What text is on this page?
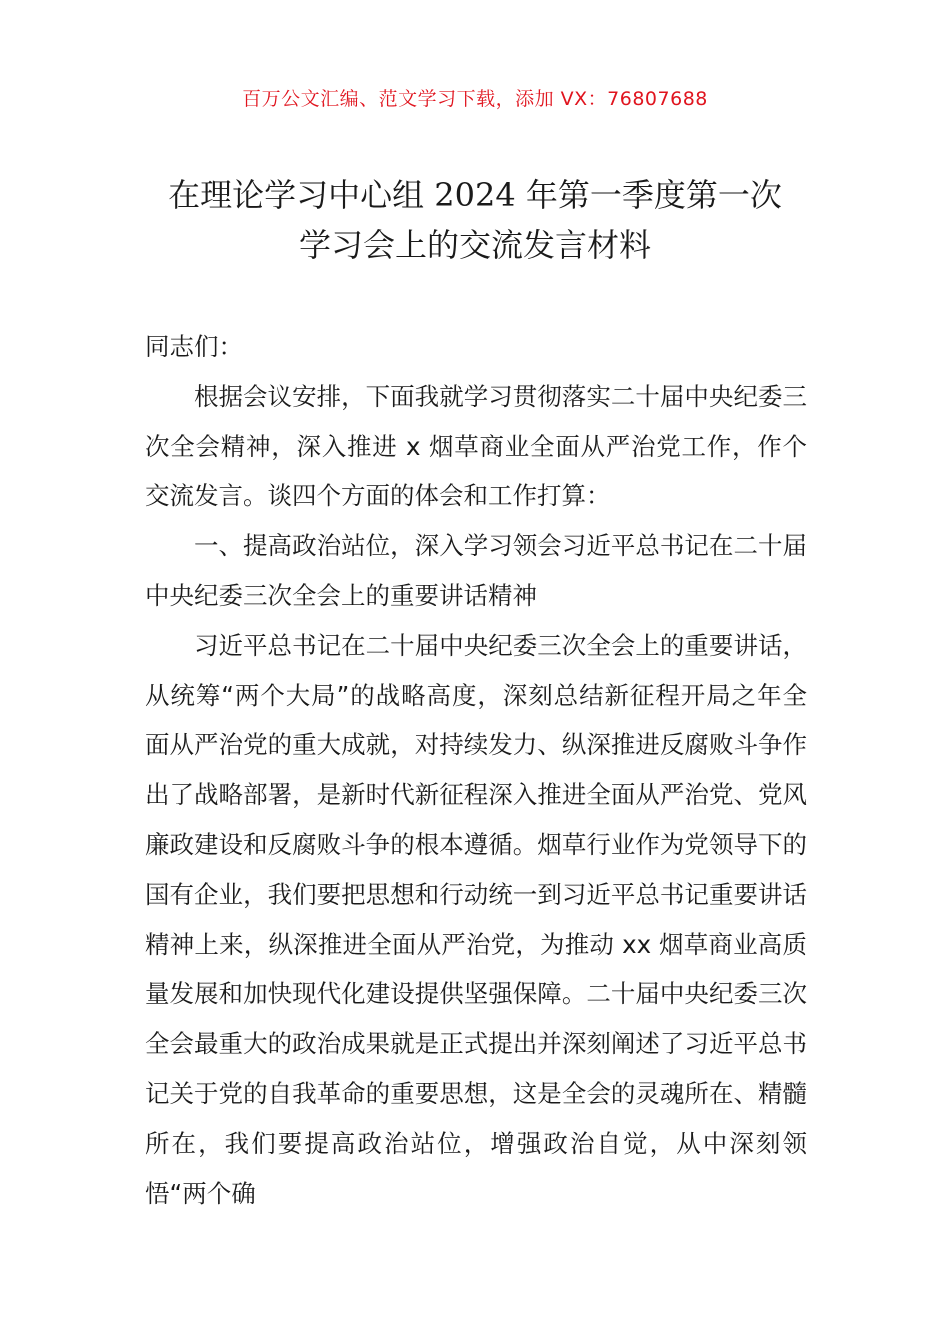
百万公文汇编、范文学习下载，添加 VX：76807688
在理论学习中心组 2024 年第一季度第一次
学习会上的交流发言材料

同志们：

根据会议安排，下面我就学习贯彻落实二十届中央纪委三次全会精神，深入推进 x 烟草商业全面从严治党工作，作个交流发言。谈四个方面的体会和工作打算：

一、提高政治站位，深入学习领会习近平总书记在二十届中央纪委三次全会上的重要讲话精神

习近平总书记在二十届中央纪委三次全会上的重要讲话，从统筹“两个大局”的战略高度，深刻总结新征程开局之年全面从严治党的重大成就，对持续发力、纵深推进反腐败斗争作出了战略部署，是新时代新征程深入推进全面从严治党、党风廉政建设和反腐败斗争的根本遵循。烟草行业作为党领导下的国有企业，我们要把思想和行动统一到习近平总书记重要讲话精神上来，纵深推进全面从严治党，为推动 xx 烟草商业高质量发展和加快现代化建设提供坚强保障。二十届中央纪委三次全会最重大的政治成果就是正式提出并深刻阐述了习近平总书记关于党的自我革命的重要思想，这是全会的灵魂所在、精髓所在，我们要提高政治站位，增强政治自觉，从中深刻领悟“两个确
